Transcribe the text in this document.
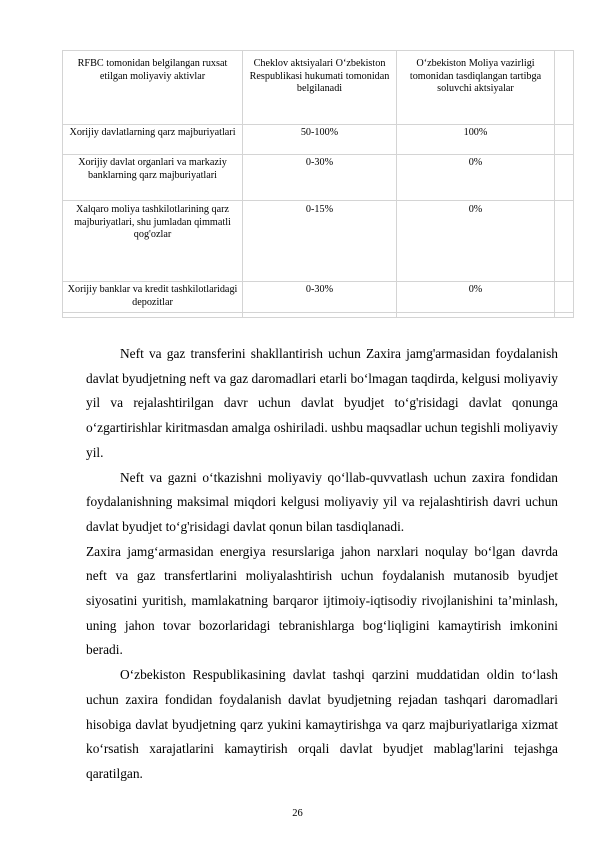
RFBC tomonidan belgilangan ruxsat etilgan moliyaviy aktivlar	Cheklov aktsiyalari O‘zbekiston Respublikasi hukumati tomonidan belgilanadi	O‘zbekiston Moliya vazirligi tomonidan tasdiqlangan tartibga soluvchi aktsiyalar	
Xorijiy davlatlarning qarz majburiyatlari	50-100%	100%	
Xorijiy davlat organlari va markaziy banklarning qarz majburiyatlari	0-30%	0%	
Xalqaro moliya tashkilotlarining qarz majburiyatlari, shu jumladan qimmatli qog'ozlar	0-15%	0%	
Xorijiy banklar va kredit tashkilotlaridagi depozitlar	0-30%	0%	

Neft va gaz transferini shakllantirish uchun Zaxira jamg'armasidan foydalanish davlat byudjetning neft va gaz daromadlari etarli bo‘lmagan taqdirda, kelgusi moliyaviy yil va rejalashtirilgan davr uchun davlat byudjet to‘g'risidagi davlat qonunga o‘zgartirishlar kiritmasdan amalga oshiriladi. ushbu maqsadlar uchun tegishli moliyaviy yil.

Neft va gazni o‘tkazishni moliyaviy qo‘llab-quvvatlash uchun zaxira fondidan foydalanishning maksimal miqdori kelgusi moliyaviy yil va rejalashtirish davri uchun davlat byudjet to‘g'risidagi davlat qonun bilan tasdiqlanadi.

Zaxira jamg‘armasidan energiya resurslariga jahon narxlari noqulay bo‘lgan davrda neft va gaz transfertlarini moliyalashtirish uchun foydalanish mutanosib byudjet siyosatini yuritish, mamlakatning barqaror ijtimoiy-iqtisodiy rivojlanishini ta’minlash, uning jahon tovar bozorlaridagi tebranishlarga bog‘liqligini kamaytirish imkonini beradi.

O‘zbekiston Respublikasining davlat tashqi qarzini muddatidan oldin to‘lash uchun zaxira fondidan foydalanish davlat byudjetning rejadan tashqari daromadlari hisobiga davlat byudjetning qarz yukini kamaytirishga va qarz majburiyatlariga xizmat ko‘rsatish xarajatlarini kamaytirish orqali davlat byudjet mablag'larini tejashga qaratilgan.

26
